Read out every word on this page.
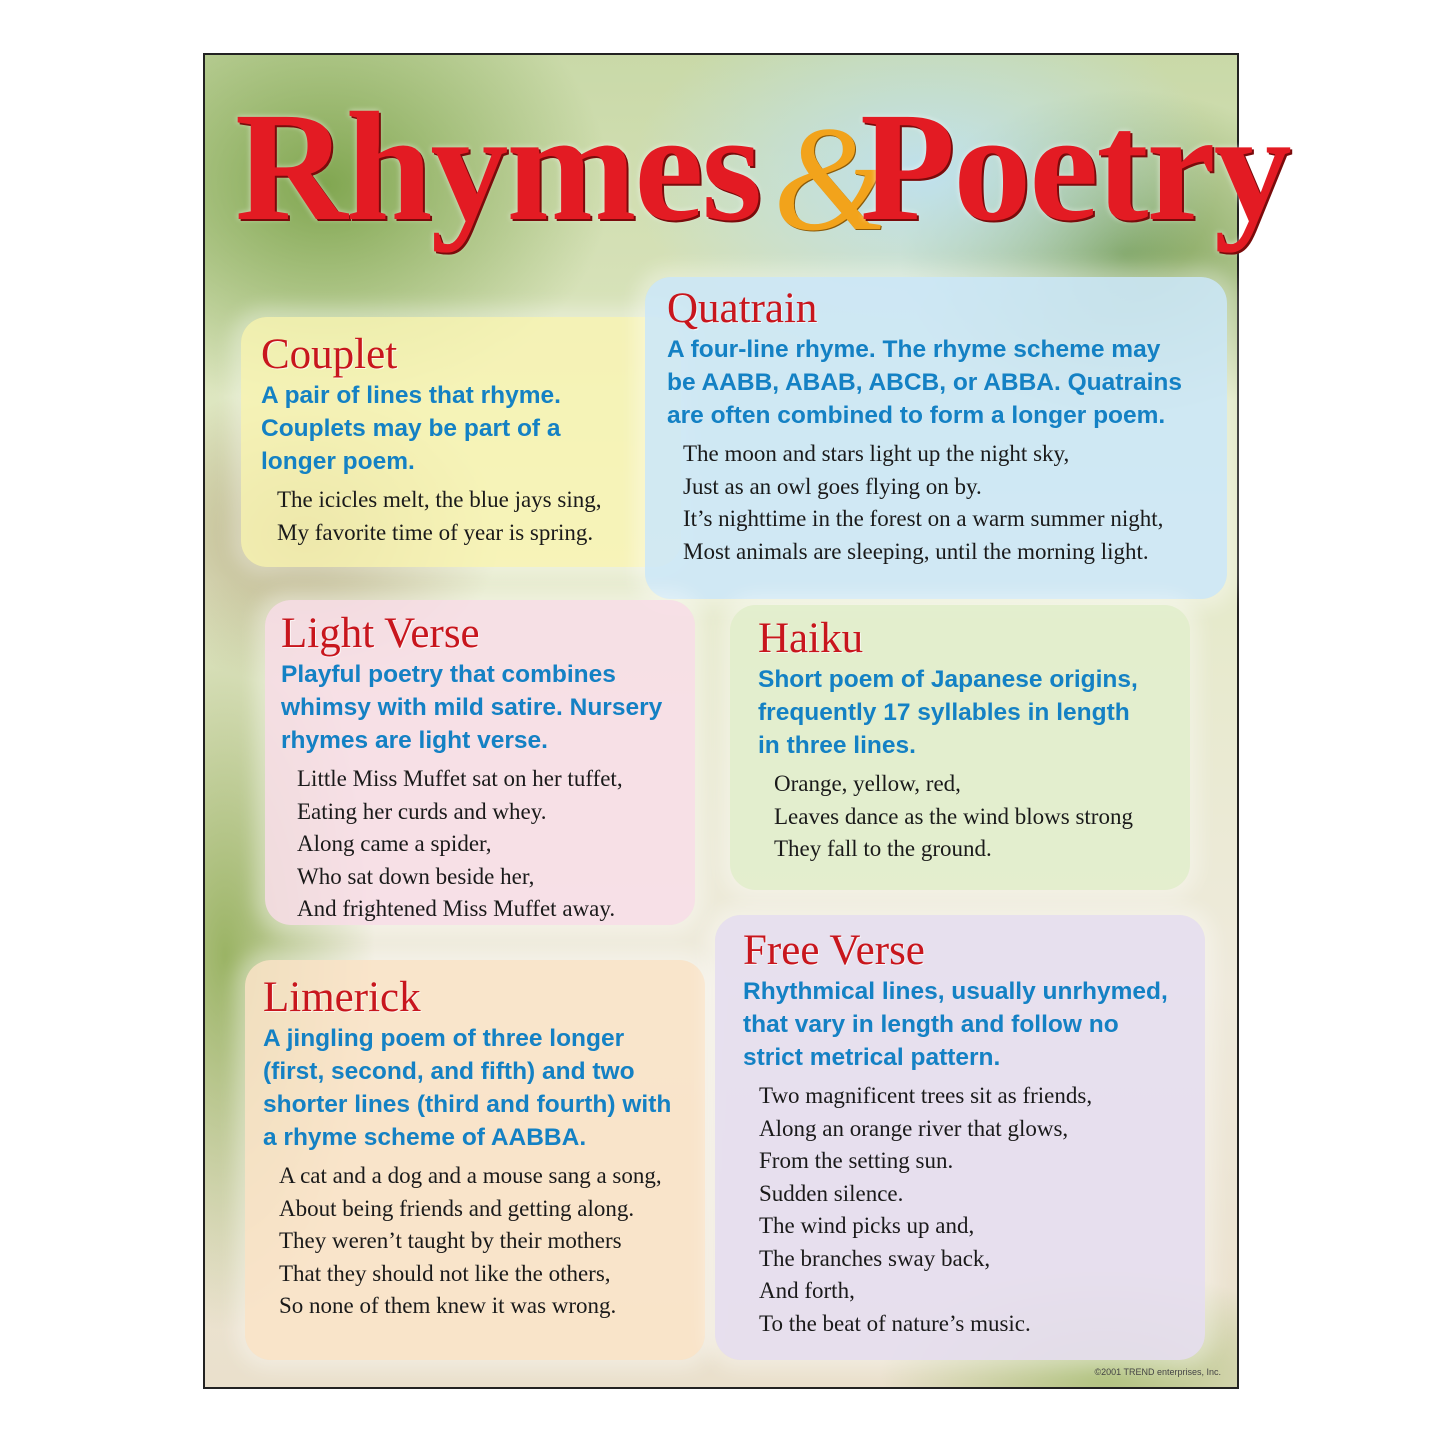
Rhymes &
Poetry
Couplet
A pair of lines that rhyme.
Couplets may be part of a
longer poem.
The icicles melt, the blue jays sing,
My favorite time of year is spring.
Quatrain
A four-line rhyme. The rhyme scheme may
be AABB, ABAB, ABCB, or ABBA. Quatrains
are often combined to form a longer poem.
The moon and stars light up the night sky,
Just as an owl goes flying on by.
It’s nighttime in the forest on a warm summer night,
Most animals are sleeping, until the morning light.
Light Verse
Playful poetry that combines
whimsy with mild satire. Nursery
rhymes are light verse.
Little Miss Muffet sat on her tuffet,
Eating her curds and whey.
Along came a spider,
Who sat down beside her,
And frightened Miss Muffet away.
Haiku
Short poem of Japanese origins,
frequently 17 syllables in length
in three lines.
Orange, yellow, red,
Leaves dance as the wind blows strong
They fall to the ground.
Limerick
A jingling poem of three longer
(first, second, and fifth) and two
shorter lines (third and fourth) with
a rhyme scheme of AABBA.
A cat and a dog and a mouse sang a song,
About being friends and getting along.
They weren’t taught by their mothers
That they should not like the others,
So none of them knew it was wrong.
Free Verse
Rhythmical lines, usually unrhymed,
that vary in length and follow no
strict metrical pattern.
Two magnificent trees sit as friends,
Along an orange river that glows,
From the setting sun.
Sudden silence.
The wind picks up and,
The branches sway back,
And forth,
To the beat of nature’s music.
©2001 TREND enterprises, Inc.
